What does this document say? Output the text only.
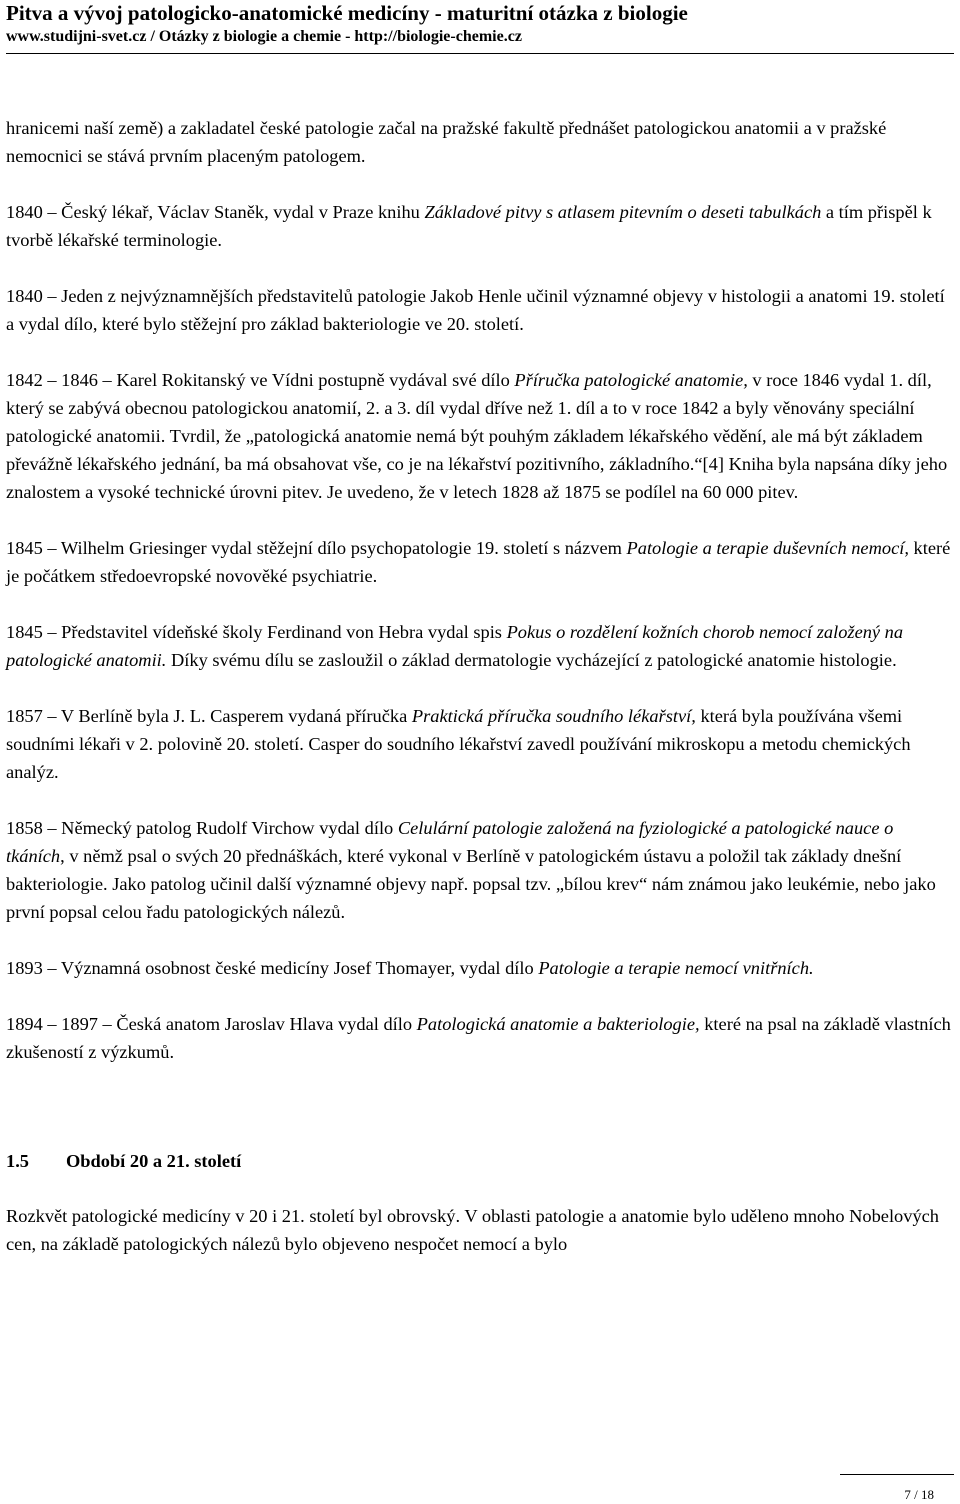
Pitva a vývoj patologicko-anatomické medicíny - maturitní otázka z biologie
www.studijni-svet.cz / Otázky z biologie a chemie - http://biologie-chemie.cz

hranicemi naší země) a zakladatel české patologie začal na pražské fakultě přednášet patologickou anatomii a v pražské nemocnici se stává prvním placeným patologem.

1840 – Český lékař, Václav Staněk, vydal v Praze knihu Základové pitvy s atlasem pitevním o deseti tabulkách a tím přispěl k tvorbě lékařské terminologie.

1840 – Jeden z nejvýznamnějších představitelů patologie Jakob Henle učinil významné objevy v histologii a anatomi 19. století a vydal dílo, které bylo stěžejní pro základ bakteriologie ve 20. století.

1842 – 1846 – Karel Rokitanský ve Vídni postupně vydával své dílo Příručka patologické anatomie, v roce 1846 vydal 1. díl, který se zabývá obecnou patologickou anatomií, 2. a 3. díl vydal dříve než 1. díl a to v roce 1842 a byly věnovány speciální patologické anatomii. Tvrdil, že „patologická anatomie nemá být pouhým základem lékařského vědění, ale má být základem převážně lékařského jednání, ba má obsahovat vše, co je na lékařství pozitivního, základního.“[4] Kniha byla napsána díky jeho znalostem a vysoké technické úrovni pitev. Je uvedeno, že v letech 1828 až 1875 se podílel na 60 000 pitev.

1845 – Wilhelm Griesinger vydal stěžejní dílo psychopatologie 19. století s názvem Patologie a terapie duševních nemocí, které je počátkem středoevropské novověké psychiatrie.

1845 – Představitel vídeňské školy Ferdinand von Hebra vydal spis Pokus o rozdělení kožních chorob nemocí založený na patologické anatomii. Díky svému dílu se zasloužil o základ dermatologie vycházející z patologické anatomie histologie.

1857 – V Berlíně byla J. L. Casperem vydaná příručka Praktická příručka soudního lékařství, která byla používána všemi soudními lékaři v 2. polovině 20. století. Casper do soudního lékařství zavedl používání mikroskopu a metodu chemických analýz.

1858 – Německý patolog Rudolf Virchow vydal dílo Celulární patologie založená na fyziologické a patologické nauce o tkáních, v němž psal o svých 20 přednáškách, které vykonal v Berlíně v patologickém ústavu a položil tak základy dnešní bakteriologie. Jako patolog učinil další významné objevy např. popsal tzv. „bílou krev“ nám známou jako leukémie, nebo jako první popsal celou řadu patologických nálezů.

1893 – Významná osobnost české medicíny Josef Thomayer, vydal dílo Patologie a terapie nemocí vnitřních.

1894 – 1897 – Česká anatom Jaroslav Hlava vydal dílo Patologická anatomie a bakteriologie, které na psal na základě vlastních zkušeností z výzkumů.

1.5 Období 20 a 21. století

Rozkvět patologické medicíny v 20 i 21. století byl obrovský. V oblasti patologie a anatomie bylo uděleno mnoho Nobelových cen, na základě patologických nálezů bylo objeveno nespočet nemocí a bylo

7 / 18
